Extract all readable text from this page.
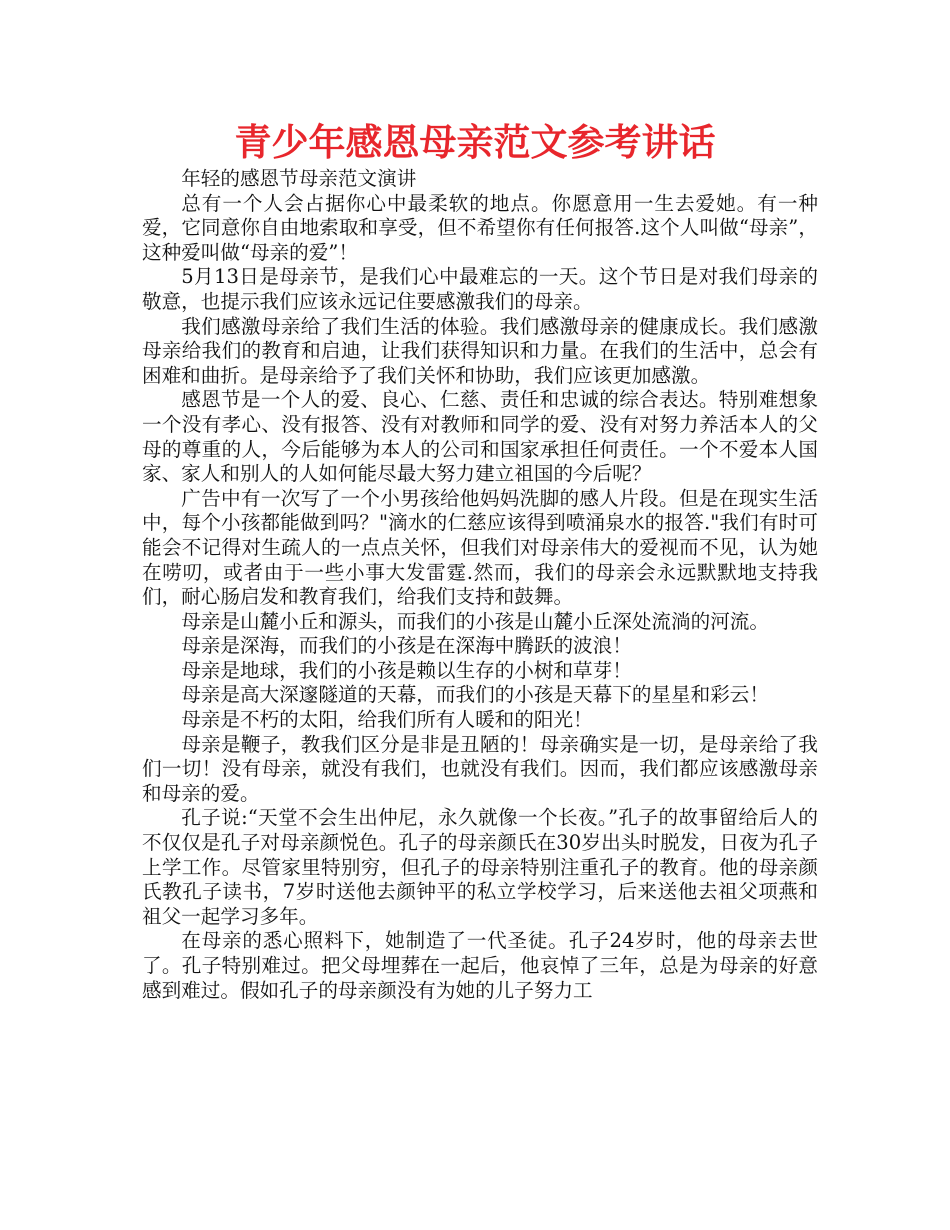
青少年感恩母亲范文参考讲话

年轻的感恩节母亲范文演讲

总有一个人会占据你心中最柔软的地点。你愿意用一生去爱她。有一种爱，它同意你自由地索取和享受，但不希望你有任何报答.这个人叫做“母亲”，这种爱叫做“母亲的爱”！

5月13日是母亲节，是我们心中最难忘的一天。这个节日是对我们母亲的敬意，也提示我们应该永远记住要感激我们的母亲。

我们感激母亲给了我们生活的体验。我们感激母亲的健康成长。我们感激母亲给我们的教育和启迪，让我们获得知识和力量。在我们的生活中，总会有困难和曲折。是母亲给予了我们关怀和协助，我们应该更加感激。

感恩节是一个人的爱、良心、仁慈、责任和忠诚的综合表达。特别难想象一个没有孝心、没有报答、没有对教师和同学的爱、没有对努力养活本人的父母的尊重的人，今后能够为本人的公司和国家承担任何责任。一个不爱本人国家、家人和别人的人如何能尽最大努力建立祖国的今后呢？

广告中有一次写了一个小男孩给他妈妈洗脚的感人片段。但是在现实生活中，每个小孩都能做到吗？"滴水的仁慈应该得到喷涌泉水的报答."我们有时可能会不记得对生疏人的一点点关怀，但我们对母亲伟大的爱视而不见，认为她在唠叨，或者由于一些小事大发雷霆.然而，我们的母亲会永远默默地支持我们，耐心肠启发和教育我们，给我们支持和鼓舞。

母亲是山麓小丘和源头，而我们的小孩是山麓小丘深处流淌的河流。

母亲是深海，而我们的小孩是在深海中腾跃的波浪！

母亲是地球，我们的小孩是赖以生存的小树和草芽！

母亲是高大深邃隧道的天幕，而我们的小孩是天幕下的星星和彩云！

母亲是不朽的太阳，给我们所有人暖和的阳光！

母亲是鞭子，教我们区分是非是丑陋的！母亲确实是一切，是母亲给了我们一切！没有母亲，就没有我们，也就没有我们。因而，我们都应该感激母亲和母亲的爱。

孔子说:“天堂不会生出仲尼，永久就像一个长夜。”孔子的故事留给后人的不仅仅是孔子对母亲颜悦色。孔子的母亲颜氏在30岁出头时脱发，日夜为孔子上学工作。尽管家里特别穷，但孔子的母亲特别注重孔子的教育。他的母亲颜氏教孔子读书，7岁时送他去颜钟平的私立学校学习，后来送他去祖父项燕和祖父一起学习多年。

在母亲的悉心照料下，她制造了一代圣徒。孔子24岁时，他的母亲去世了。孔子特别难过。把父母埋葬在一起后，他哀悼了三年，总是为母亲的好意感到难过。假如孔子的母亲颜没有为她的儿子努力工
